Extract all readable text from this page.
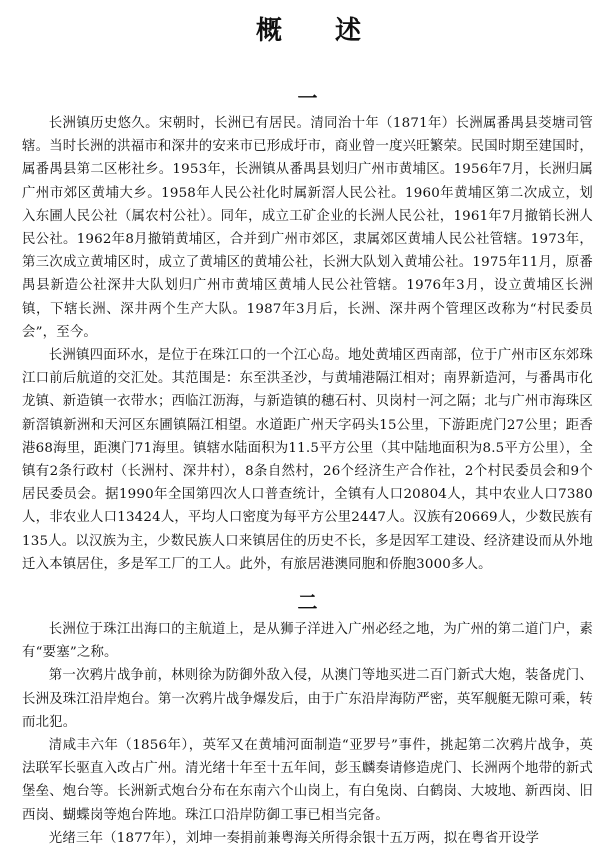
概 述
一

长洲镇历史悠久。宋朝时，长洲已有居民。清同治十年（1871年）长洲属番禺县茭塘司管辖。当时长洲的洪福市和深井的安来市已形成圩市，商业曾一度兴旺繁荣。民国时期至建国时，属番禺县第二区彬社乡。1953年，长洲镇从番禺县划归广州市黄埔区。1956年7月，长洲归属广州市郊区黄埔大乡。1958年人民公社化时属新滘人民公社。1960年黄埔区第二次成立，划入东圃人民公社（属农村公社）。同年，成立工矿企业的长洲人民公社，1961年7月撤销长洲人民公社。1962年8月撤销黄埔区，合并到广州市郊区，隶属郊区黄埔人民公社管辖。1973年，第三次成立黄埔区时，成立了黄埔区的黄埔公社，长洲大队划入黄埔公社。1975年11月，原番禺县新造公社深井大队划归广州市黄埔区黄埔人民公社管辖。1976年3月，设立黄埔区长洲镇，下辖长洲、深井两个生产大队。1987年3月后，长洲、深井两个管理区改称为“村民委员会”，至今。

长洲镇四面环水，是位于在珠江口的一个江心岛。地处黄埔区西南部，位于广州市区东郊珠江口前后航道的交汇处。其范围是：东至洪圣沙，与黄埔港隔江相对；南界新造河，与番禺市化龙镇、新造镇一衣带水；西临江沥海，与新造镇的穗石村、贝岗村一河之隔；北与广州市海珠区新滘镇新洲和天河区东圃镇隔江相望。水道距广州天字码头15公里，下游距虎门27公里；距香港68海里，距澳门71海里。镇辖水陆面积为11.5平方公里（其中陆地面积为8.5平方公里），全镇有2条行政村（长洲村、深井村），8条自然村，26个经济生产合作社，2个村民委员会和9个居民委员会。据1990年全国第四次人口普查统计，全镇有人口20804人，其中农业人口7380人，非农业人口13424人，平均人口密度为每平方公里2447人。汉族有20669人，少数民族有135人。以汉族为主，少数民族人口来镇居住的历史不长，多是因军工建设、经济建设而从外地迁入本镇居住，多是军工厂的工人。此外，有旅居港澳同胞和侨胞3000多人。

二

长洲位于珠江出海口的主航道上，是从狮子洋进入广州必经之地，为广州的第二道门户，素有“要塞”之称。

第一次鸦片战争前，林则徐为防御外敌入侵，从澳门等地买进二百门新式大炮，装备虎门、长洲及珠江沿岸炮台。第一次鸦片战争爆发后，由于广东沿岸海防严密，英军舰艇无隙可乘，转而北犯。

清咸丰六年（1856年），英军又在黄埔河面制造“亚罗号”事件，挑起第二次鸦片战争，英法联军长驱直入改占广州。清光绪十年至十五年间，彭玉麟奏请修造虎门、长洲两个地带的新式堡垒、炮台等。长洲新式炮台分布在东南六个山岗上，有白兔岗、白鹤岗、大坡地、新西岗、旧西岗、蝴蝶岗等炮台阵地。珠江口沿岸防御工事已相当完备。

光绪三年（1877年），刘坤一奏捐前兼粤海关所得余银十五万两，拟在粤省开设学
